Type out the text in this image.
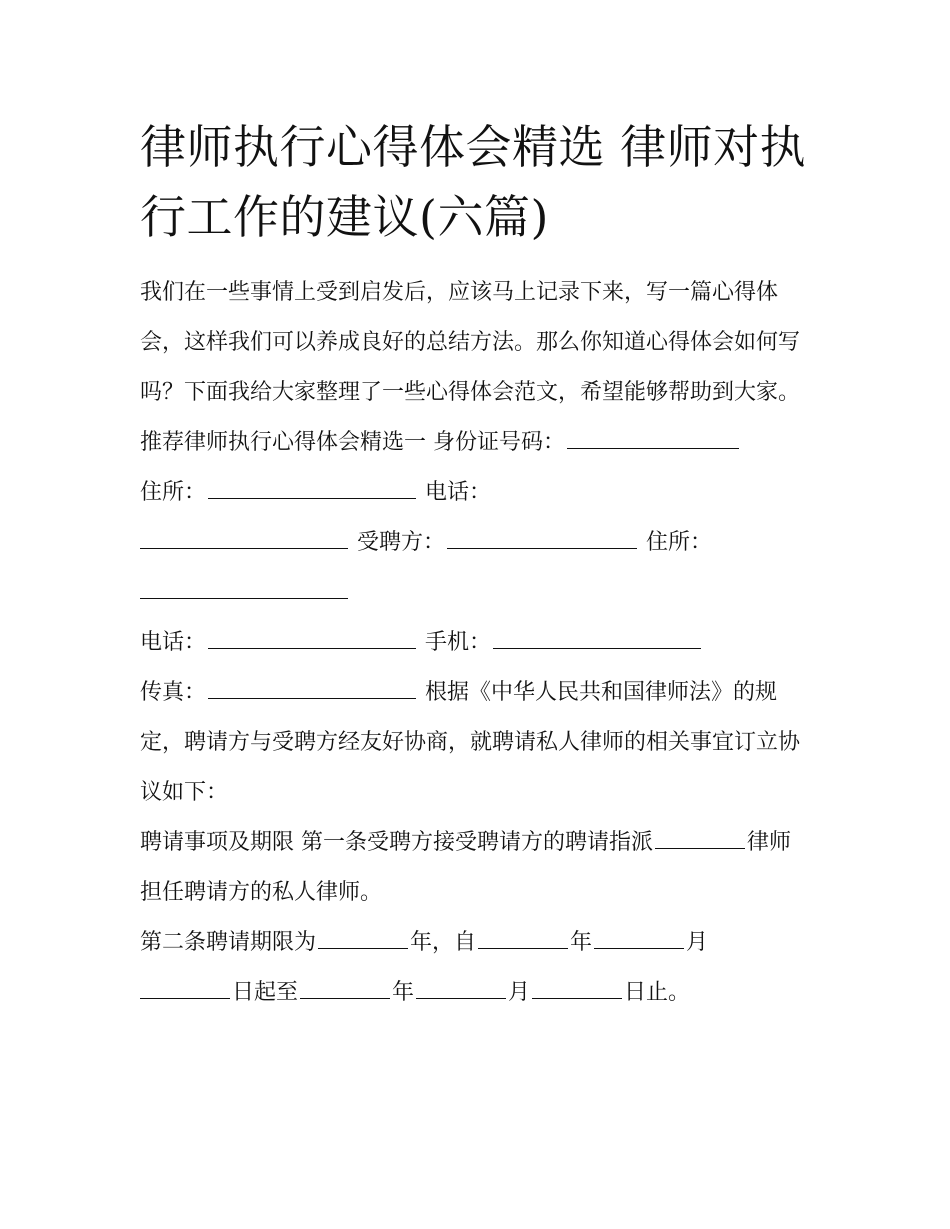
律师执行心得体会精选 律师对执行工作的建议(六篇)

我们在一些事情上受到启发后，应该马上记录下来，写一篇心得体会，这样我们可以养成良好的总结方法。那么你知道心得体会如何写吗？下面我给大家整理了一些心得体会范文，希望能够帮助到大家。

推荐律师执行心得体会精选一 身份证号码：
住所：	电话：
受聘方：	住所：
电话：	手机：

传真：	根据《中华人民共和国律师法》的规定，聘请方与受聘方经友好协商，就聘请私人律师的相关事宜订立协议如下：

聘请事项及期限 第一条受聘方接受聘请方的聘请指派	律师担任聘请方的私人律师。

第二条聘请期限为	年，自	年	月
日起至	年	月	日止。
